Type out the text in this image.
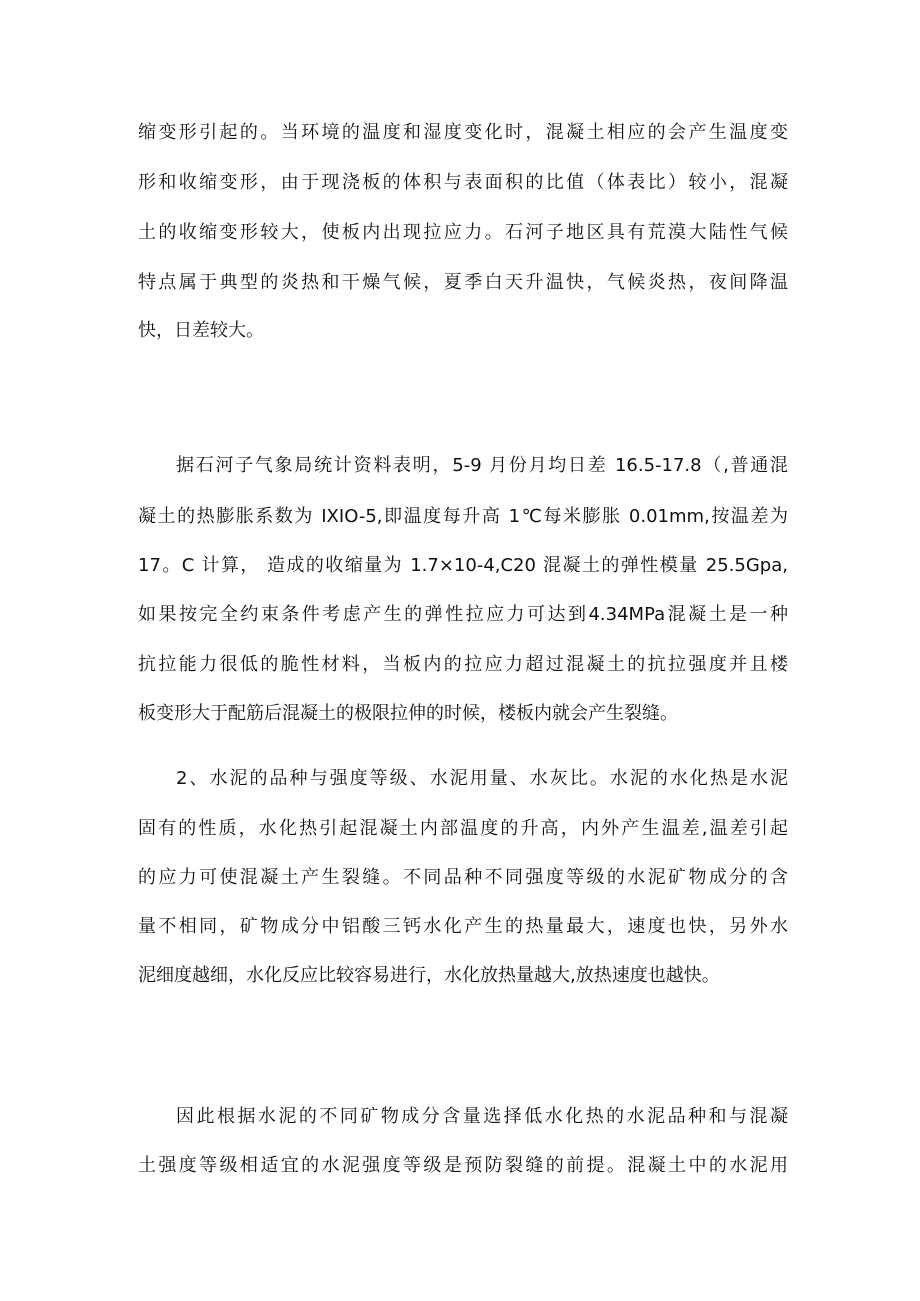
缩变形引起的。当环境的温度和湿度变化时，混凝土相应的会产生温度变
形和收缩变形，由于现浇板的体积与表面积的比值（体表比）较小，混凝
土的收缩变形较大，使板内出现拉应力。石河子地区具有荒漠大陆性气候
特点属于典型的炎热和干燥气候，夏季白天升温快，气候炎热，夜间降温
快，日差较大。
据石河子气象局统计资料表明，5-9 月份月均日差 16.5-17.8（,普通混
凝土的热膨胀系数为 IXIO-5,即温度每升高 1℃每米膨胀 0.01mm,按温差为
17。C 计算， 造成的收缩量为 1.7×10-4,C20 混凝土的弹性模量 25.5Gpa,
如果按完全约束条件考虑产生的弹性拉应力可达到4.34MPa混凝土是一种
抗拉能力很低的脆性材料，当板内的拉应力超过混凝土的抗拉强度并且楼
板变形大于配筋后混凝土的极限拉伸的时候，楼板内就会产生裂缝。
2、水泥的品种与强度等级、水泥用量、水灰比。水泥的水化热是水泥
固有的性质，水化热引起混凝土内部温度的升高，内外产生温差,温差引起
的应力可使混凝土产生裂缝。不同品种不同强度等级的水泥矿物成分的含
量不相同，矿物成分中铝酸三钙水化产生的热量最大，速度也快，另外水
泥细度越细，水化反应比较容易进行，水化放热量越大,放热速度也越快。
因此根据水泥的不同矿物成分含量选择低水化热的水泥品种和与混凝
土强度等级相适宜的水泥强度等级是预防裂缝的前提。混凝土中的水泥用
